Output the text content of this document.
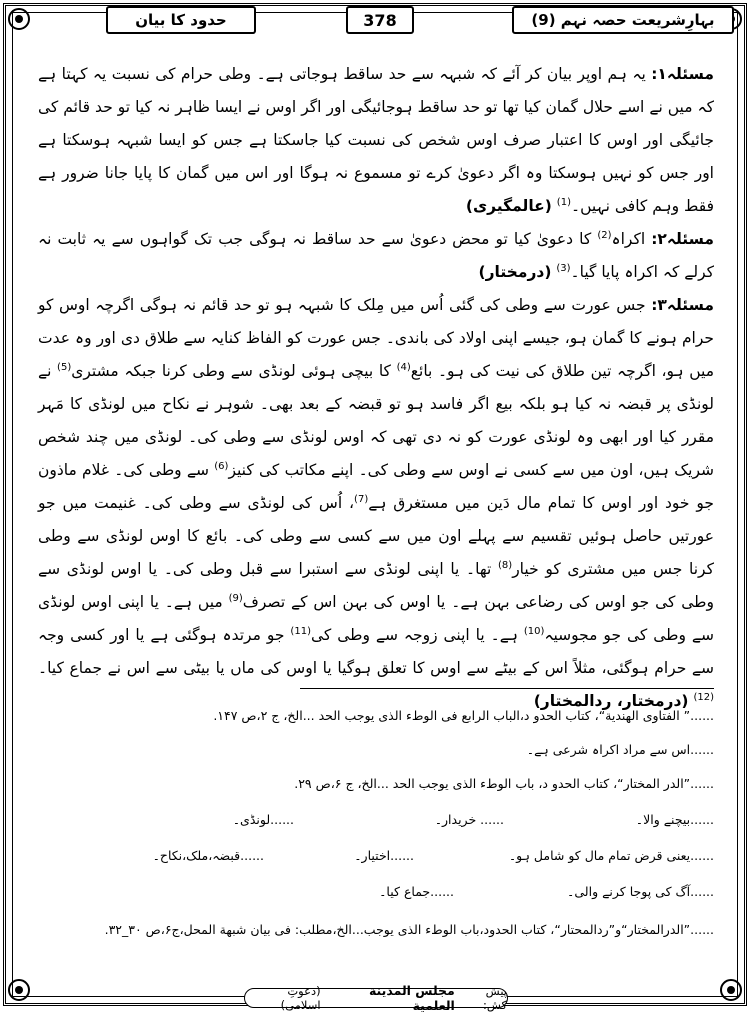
بہارِشریعت حصہ نہم (9)
378
حدود کا بیان

مسئلہ۱: یہ ہم اوپر بیان کر آئے کہ شبہہ سے حد ساقط ہوجاتی ہے۔ وطی حرام کی نسبت یہ کہتا ہے کہ میں نے اسے حلال گمان کیا تھا تو حد ساقط ہوجائیگی اور اگر اوس نے ایسا ظاہر نہ کیا تو حد قائم کی جائیگی اور اوس کا اعتبار صرف اوس شخص کی نسبت کیا جاسکتا ہے جس کو ایسا شبہہ ہوسکتا ہے اور جس کو نہیں ہوسکتا وہ اگر دعویٰ کرے تو مسموع نہ ہوگا اور اس میں گمان کا پایا جانا ضرور ہے فقط وہم کافی نہیں۔$^{(1)}$ (عالمگیری)

مسئلہ۲: اکراہ$^{(2)}$ کا دعویٰ کیا تو محض دعویٰ سے حد ساقط نہ ہوگی جب تک گواہوں سے یہ ثابت نہ کرلے کہ اکراہ پایا گیا۔$^{(3)}$ (درمختار)

مسئلہ۳: جس عورت سے وطی کی گئی اُس میں مِلک کا شبہہ ہو تو حد قائم نہ ہوگی اگرچہ اوس کو حرام ہونے کا گمان ہو، جیسے اپنی اولاد کی باندی۔ جس عورت کو الفاظ کنایہ سے طلاق دی اور وہ عدت میں ہو، اگرچہ تین طلاق کی نیت کی ہو۔ بائع$^{(4)}$ کا بیچی ہوئی لونڈی سے وطی کرنا جبکہ مشتری$^{(5)}$ نے لونڈی پر قبضہ نہ کیا ہو بلکہ بیع اگر فاسد ہو تو قبضہ کے بعد بھی۔ شوہر نے نکاح میں لونڈی کا مَہر مقرر کیا اور ابھی وہ لونڈی عورت کو نہ دی تھی کہ اوس لونڈی سے وطی کی۔ لونڈی میں چند شخص شریک ہیں، اون میں سے کسی نے اوس سے وطی کی۔ اپنے مکاتب کی کنیز$^{(6)}$ سے وطی کی۔ غلام ماذون جو خود اور اوس کا تمام مال دَین میں مستغرق ہے$^{(7)}$، اُس کی لونڈی سے وطی کی۔ غنیمت میں جو عورتیں حاصل ہوئیں تقسیم سے پہلے اون میں سے کسی سے وطی کی۔ بائع کا اوس لونڈی سے وطی کرنا جس میں مشتری کو خیار$^{(8)}$ تھا۔ یا اپنی لونڈی سے استبرا سے قبل وطی کی۔ یا اوس لونڈی سے وطی کی جو اوس کی رضاعی بہن ہے۔ یا اوس کی بہن اس کے تصرف$^{(9)}$ میں ہے۔ یا اپنی اوس لونڈی سے وطی کی جو مجوسیہ$^{(10)}$ ہے۔ یا اپنی زوجہ سے وطی کی$^{(11)}$ جو مرتدہ ہوگئی ہے یا اور کسی وجہ سے حرام ہوگئی، مثلاً اس کے بیٹے سے اوس کا تعلق ہوگیا یا اوس کی ماں یا بیٹی سے اس نے جماع کیا۔$^{(12)}$ (درمختار، ردالمختار)

......” الفتاوی الهندیة“، کتاب الحدو د،الباب الرابع فی الوطء الذی یوجب الحد ...الخ، ج ۲،ص ۱۴۷.
......اس سے مراد اکراہ شرعی ہے۔
......”الدر المختار“، کتاب الحدو د، باب الوطء الذی یوجب الحد ...الخ، ج ۶،ص ۲۹.
......بیچنے والا۔
...... خریدار۔
......لونڈی۔
......یعنی قرض تمام مال کو شامل ہو۔
......اختیار۔
......قبضہ،ملک،نکاح۔
......آگ کی پوجا کرنے والی۔
......جماع کیا۔
......”الدرالمختار“و”ردالمحتار“، کتاب الحدود،باب الوطء الذی یوجب...الخ،مطلب: فی بیان شبهة المحل،ج۶،ص ۳۰_۳۲.
پیش کش:
مجلس المدینة العلمیة
(دعوتِ اسلامی)
